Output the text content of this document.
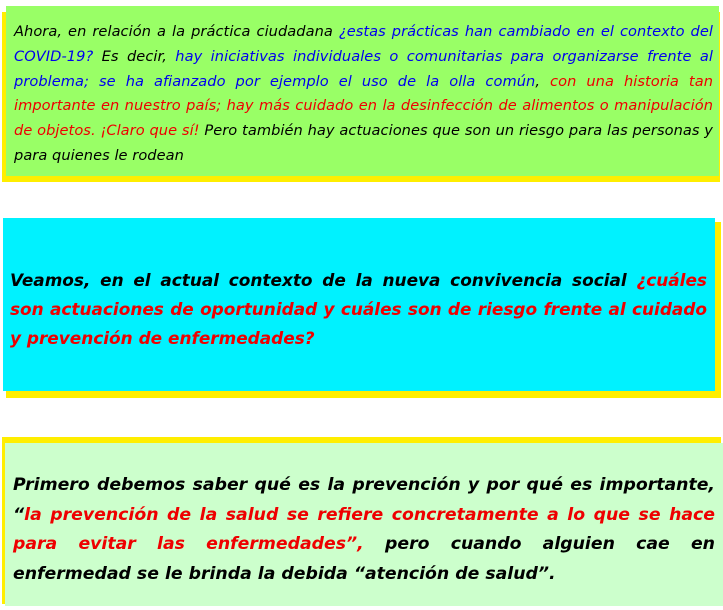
Ahora, en relación a la práctica ciudadana ¿estas prácticas han cambiado en el contexto del COVID-19? Es decir, hay iniciativas individuales o comunitarias para organizarse frente al problema; se ha afianzado por ejemplo el uso de la olla común, con una historia tan importante en nuestro país; hay más cuidado en la desinfección de alimentos o manipulación de objetos. ¡Claro que sí! Pero también hay actuaciones que son un riesgo para las personas y para quienes le rodean

Veamos, en el actual contexto de la nueva convivencia social ¿cuáles son actuaciones de oportunidad y cuáles son de riesgo frente al cuidado y prevención de enfermedades?

Primero debemos saber qué es la prevención y por qué es importante, “la prevención de la salud se refiere concretamente a lo que se hace para evitar las enfermedades”, pero cuando alguien cae en enfermedad se le brinda la debida “atención de salud”.
